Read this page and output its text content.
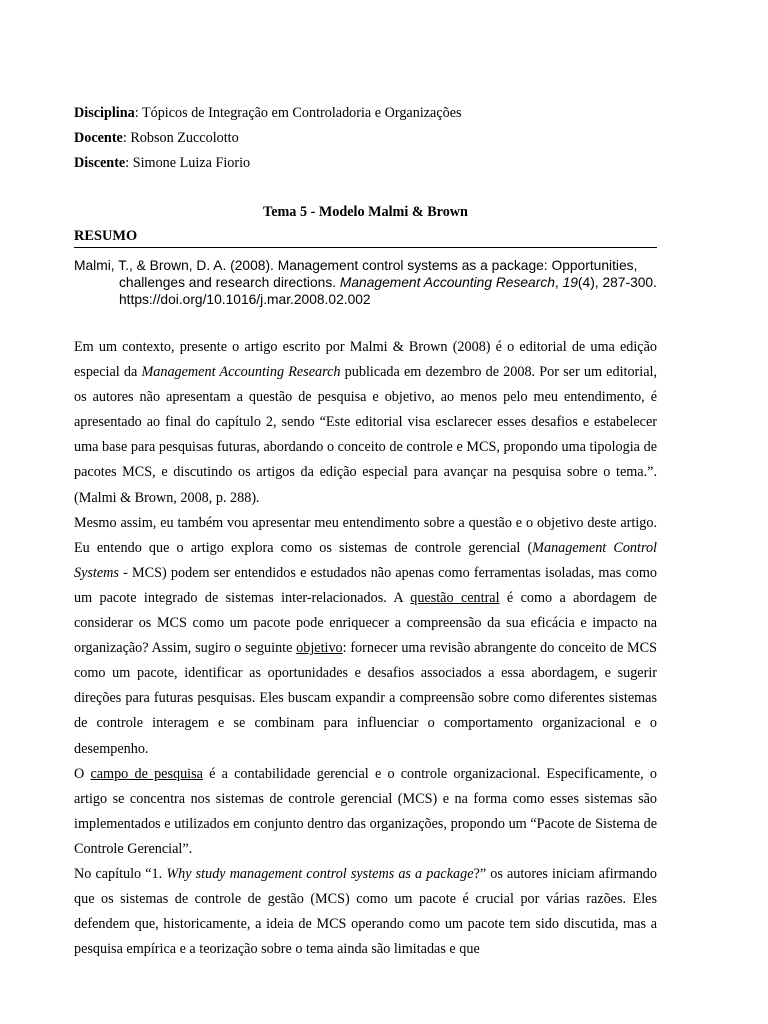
Disciplina: Tópicos de Integração em Controladoria e Organizações

Docente: Robson Zuccolotto

Discente: Simone Luiza Fiorio

Tema 5 - Modelo Malmi & Brown
RESUMO
Malmi, T., & Brown, D. A. (2008). Management control systems as a package: Opportunities, challenges and research directions. Management Accounting Research, 19(4), 287-300. https://doi.org/10.1016/j.mar.2008.02.002

Em um contexto, presente o artigo escrito por Malmi & Brown (2008) é o editorial de uma edição especial da Management Accounting Research publicada em dezembro de 2008. Por ser um editorial, os autores não apresentam a questão de pesquisa e objetivo, ao menos pelo meu entendimento, é apresentado ao final do capítulo 2, sendo “Este editorial visa esclarecer esses desafios e estabelecer uma base para pesquisas futuras, abordando o conceito de controle e MCS, propondo uma tipologia de pacotes MCS, e discutindo os artigos da edição especial para avançar na pesquisa sobre o tema.”. (Malmi & Brown, 2008, p. 288).

Mesmo assim, eu também vou apresentar meu entendimento sobre a questão e o objetivo deste artigo. Eu entendo que o artigo explora como os sistemas de controle gerencial (Management Control Systems - MCS) podem ser entendidos e estudados não apenas como ferramentas isoladas, mas como um pacote integrado de sistemas inter-relacionados. A questão central é como a abordagem de considerar os MCS como um pacote pode enriquecer a compreensão da sua eficácia e impacto na organização? Assim, sugiro o seguinte objetivo: fornecer uma revisão abrangente do conceito de MCS como um pacote, identificar as oportunidades e desafios associados a essa abordagem, e sugerir direções para futuras pesquisas. Eles buscam expandir a compreensão sobre como diferentes sistemas de controle interagem e se combinam para influenciar o comportamento organizacional e o desempenho.

O campo de pesquisa é a contabilidade gerencial e o controle organizacional. Especificamente, o artigo se concentra nos sistemas de controle gerencial (MCS) e na forma como esses sistemas são implementados e utilizados em conjunto dentro das organizações, propondo um “Pacote de Sistema de Controle Gerencial”.

No capítulo “1. Why study management control systems as a package?” os autores iniciam afirmando que os sistemas de controle de gestão (MCS) como um pacote é crucial por várias razões. Eles defendem que, historicamente, a ideia de MCS operando como um pacote tem sido discutida, mas a pesquisa empírica e a teorização sobre o tema ainda são limitadas e que
